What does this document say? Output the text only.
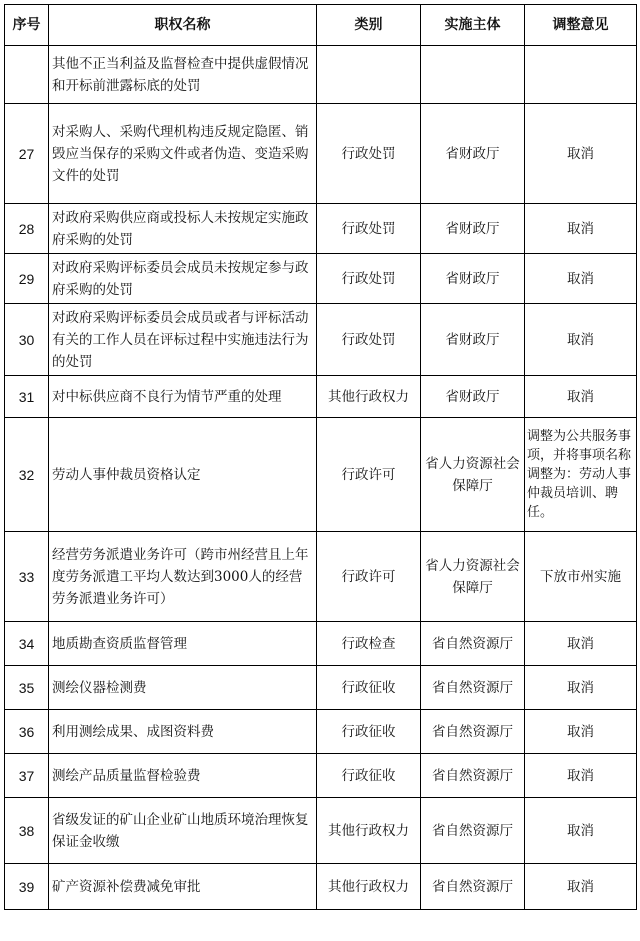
序号	职权名称	类别	实施主体	调整意见
	其他不正当利益及监督检查中提供虚假情况和开标前泄露标底的处罚			
27	对采购人、采购代理机构违反规定隐匿、销毁应当保存的采购文件或者伪造、变造采购文件的处罚	行政处罚	省财政厅	取消
28	对政府采购供应商或投标人未按规定实施政府采购的处罚	行政处罚	省财政厅	取消
29	对政府采购评标委员会成员未按规定参与政府采购的处罚	行政处罚	省财政厅	取消
30	对政府采购评标委员会成员或者与评标活动有关的工作人员在评标过程中实施违法行为的处罚	行政处罚	省财政厅	取消
31	对中标供应商不良行为情节严重的处理	其他行政权力	省财政厅	取消
32	劳动人事仲裁员资格认定	行政许可	省人力资源社会保障厅	调整为公共服务事项，并将事项名称调整为：劳动人事仲裁员培训、聘任。
33	经营劳务派遣业务许可（跨市州经营且上年度劳务派遣工平均人数达到3000人的经营劳务派遣业务许可）	行政许可	省人力资源社会保障厅	下放市州实施
34	地质勘查资质监督管理	行政检查	省自然资源厅	取消
35	测绘仪器检测费	行政征收	省自然资源厅	取消
36	利用测绘成果、成图资料费	行政征收	省自然资源厅	取消
37	测绘产品质量监督检验费	行政征收	省自然资源厅	取消
38	省级发证的矿山企业矿山地质环境治理恢复保证金收缴	其他行政权力	省自然资源厅	取消
39	矿产资源补偿费减免审批	其他行政权力	省自然资源厅	取消
